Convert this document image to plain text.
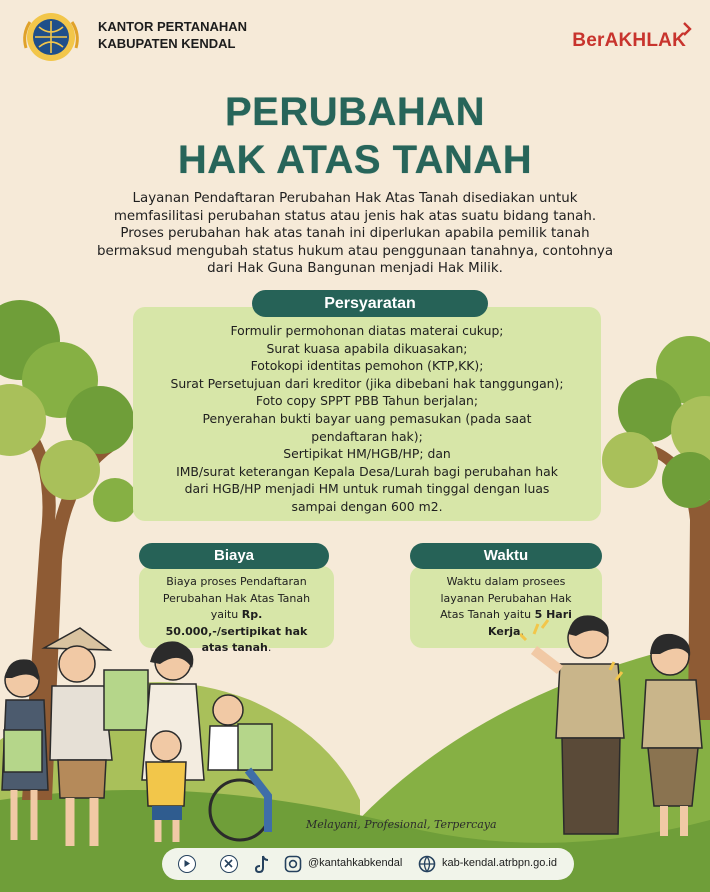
KANTOR PERTANAHAN
KABUPATEN KENDAL	BerAKHLAK
PERUBAHAN
HAK ATAS TANAH
Layanan Pendaftaran Perubahan Hak Atas Tanah disediakan untuk memfasilitasi perubahan status atau jenis hak atas suatu bidang tanah. Proses perubahan hak atas tanah ini diperlukan apabila pemilik tanah bermaksud mengubah status hukum atau penggunaan tanahnya, contohnya dari Hak Guna Bangunan menjadi Hak Milik.
Formulir permohonan diatas materai cukup;
Surat kuasa apabila dikuasakan;
Fotokopi identitas pemohon (KTP,KK);
Surat Persetujuan dari kreditor (jika dibebani hak tanggungan);
Foto copy SPPT PBB Tahun berjalan;
Penyerahan bukti bayar uang pemasukan (pada saat pendaftaran hak);
Sertipikat HM/HGB/HP; dan
IMB/surat keterangan Kepala Desa/Lurah bagi perubahan hak dari HGB/HP menjadi HM untuk rumah tinggal dengan luas sampai dengan 600 m2.
Persyaratan
Biaya proses Pendaftaran Perubahan Hak Atas Tanah yaitu Rp. 50.000,-/sertipikat hak atas tanah.
Biaya
Waktu dalam prosees layanan Perubahan Hak Atas Tanah yaitu 5 Hari Kerja.
Waktu
Melayani, Profesional, Terpercaya
@kantahkabkendal	kab-kendal.atrbpn.go.id
